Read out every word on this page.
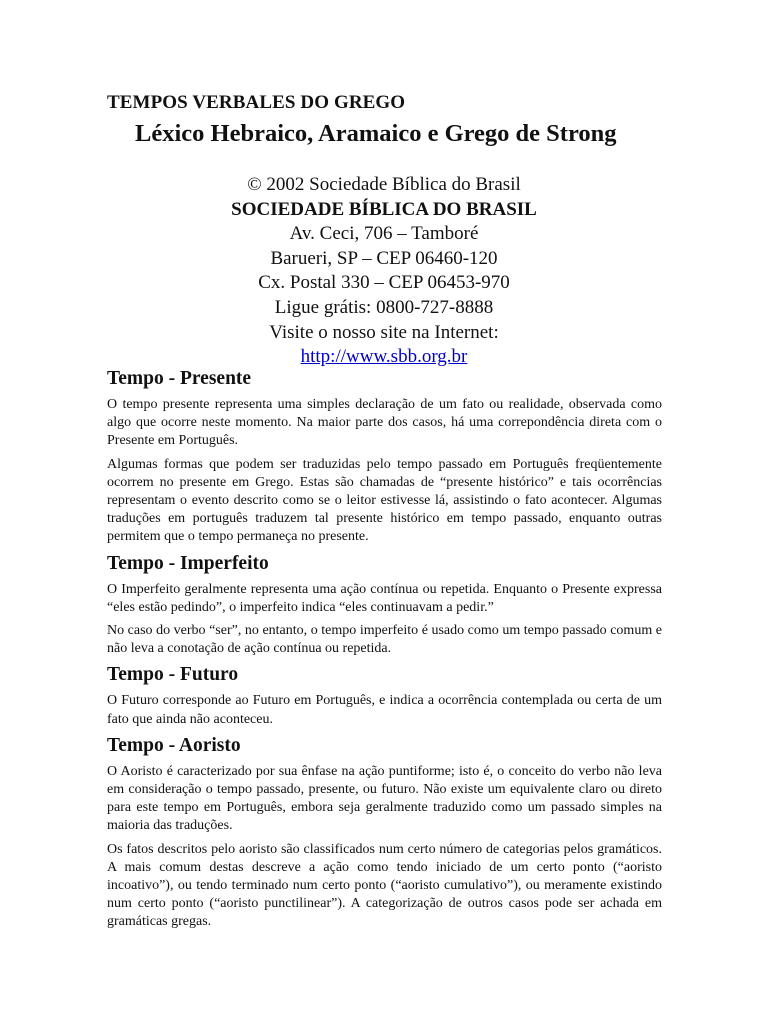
TEMPOS VERBALES DO GREGO
Léxico Hebraico, Aramaico e Grego de Strong
© 2002 Sociedade Bíblica do Brasil
SOCIEDADE BÍBLICA DO BRASIL
Av. Ceci, 706 – Tamboré
Barueri, SP – CEP 06460-120
Cx. Postal 330 – CEP 06453-970
Ligue grátis: 0800-727-8888
Visite o nosso site na Internet:
http://www.sbb.org.br
Tempo - Presente

O tempo presente representa uma simples declaração de um fato ou realidade, observada como algo que ocorre neste momento. Na maior parte dos casos, há uma correpondência direta com o Presente em Português.

Algumas formas que podem ser traduzidas pelo tempo passado em Português freqüentemente ocorrem no presente em Grego. Estas são chamadas de “presente histórico” e tais ocorrências representam o evento descrito como se o leitor estivesse lá, assistindo o fato acontecer. Algumas traduções em português traduzem tal presente histórico em tempo passado, enquanto outras permitem que o tempo permaneça no presente.

Tempo - Imperfeito

O Imperfeito geralmente representa uma ação contínua ou repetida. Enquanto o Presente expressa “eles estão pedindo”, o imperfeito indica “eles continuavam a pedir.”

No caso do verbo “ser”, no entanto, o tempo imperfeito é usado como um tempo passado comum e não leva a conotação de ação contínua ou repetida.

Tempo - Futuro

O Futuro corresponde ao Futuro em Português, e indica a ocorrência contemplada ou certa de um fato que ainda não aconteceu.

Tempo - Aoristo

O Aoristo é caracterizado por sua ênfase na ação puntiforme; isto é, o conceito do verbo não leva em consideração o tempo passado, presente, ou futuro. Não existe um equivalente claro ou direto para este tempo em Português, embora seja geralmente traduzido como um passado simples na maioria das traduções.

Os fatos descritos pelo aoristo são classificados num certo número de categorias pelos gramáticos. A mais comum destas descreve a ação como tendo iniciado de um certo ponto (“aoristo incoativo”), ou tendo terminado num certo ponto (“aoristo cumulativo”), ou meramente existindo num certo ponto (“aoristo punctilinear”). A categorização de outros casos pode ser achada em gramáticas gregas.
